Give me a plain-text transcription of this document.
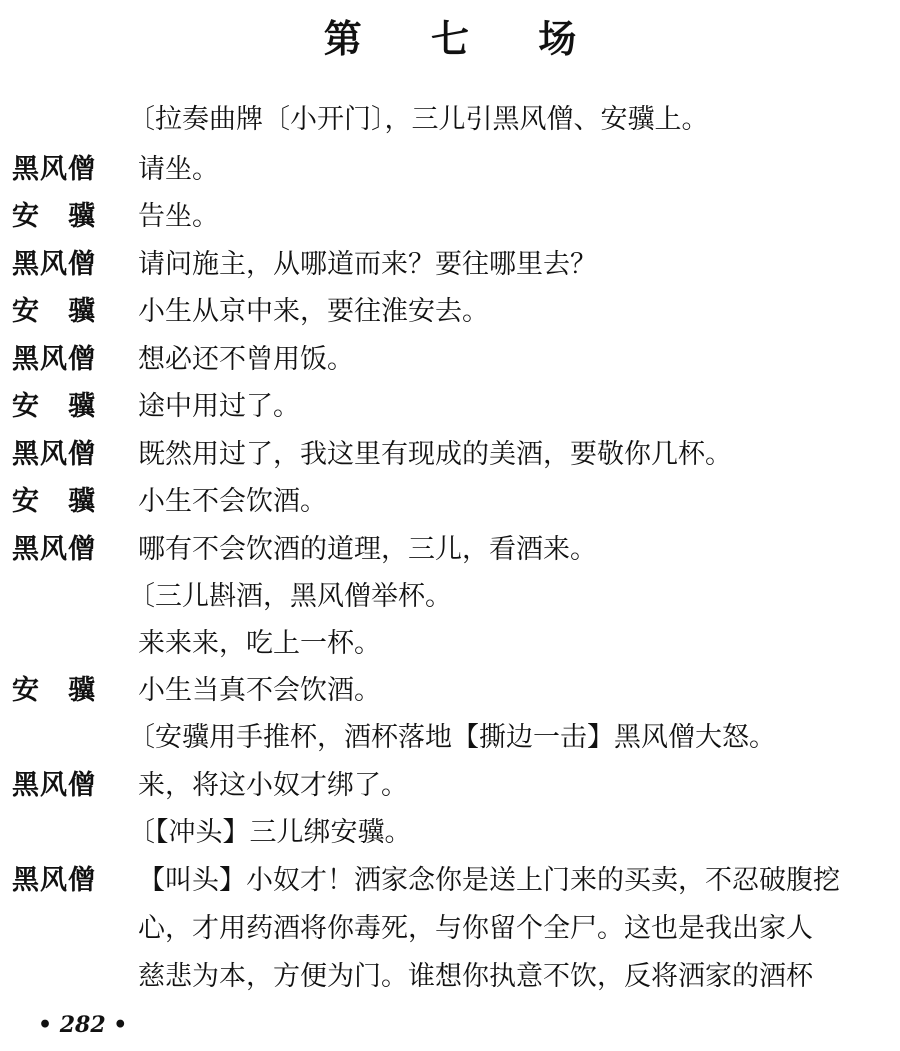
第 七 场
〔拉奏曲牌〔小开门〕，三儿引黑风僧、安骥上。
黑风僧	请坐。
安　骥	告坐。
黑风僧	请问施主，从哪道而来？要往哪里去？
安　骥	小生从京中来，要往淮安去。
黑风僧	想必还不曾用饭。
安　骥	途中用过了。
黑风僧	既然用过了，我这里有现成的美酒，要敬你几杯。
安　骥	小生不会饮酒。
黑风僧	哪有不会饮酒的道理，三儿，看酒来。
〔三儿斟酒，黑风僧举杯。
来来来，吃上一杯。
安　骥	小生当真不会饮酒。
〔安骥用手推杯，酒杯落地【撕边一击】黑风僧大怒。
黑风僧	来，将这小奴才绑了。
〔【冲头】三儿绑安骥。
黑风僧	【叫头】小奴才！洒家念你是送上门来的买卖，不忍破腹挖
心，才用药酒将你毒死，与你留个全尸。这也是我出家人
慈悲为本，方便为门。谁想你执意不饮，反将洒家的酒杯
• 282 •
